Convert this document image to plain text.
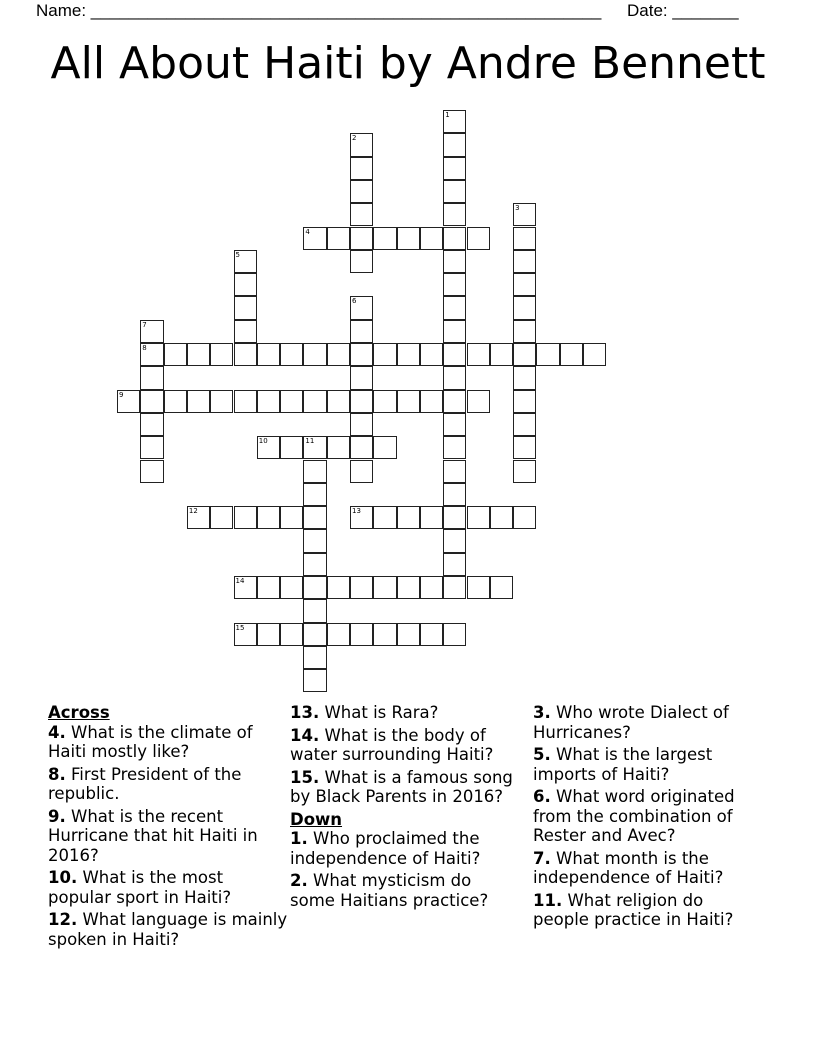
Name: ______________________________________________________ Date: _______
All About Haiti by Andre Bennett
1
2
3
4
5
6
7
8
9
10	11
12	13
14
15
Across
4. What is the climate of Haiti mostly like?
8. First President of the republic.
9. What is the recent Hurricane that hit Haiti in 2016?
10. What is the most popular sport in Haiti?
12. What language is mainly spoken in Haiti?
13. What is Rara?
14. What is the body of water surrounding Haiti?
15. What is a famous song by Black Parents in 2016?
Down
1. Who proclaimed the independence of Haiti?
2. What mysticism do some Haitians practice?
3. Who wrote Dialect of Hurricanes?
5. What is the largest imports of Haiti?
6. What word originated from the combination of Rester and Avec?
7. What month is the independence of Haiti?
11. What religion do people practice in Haiti?
